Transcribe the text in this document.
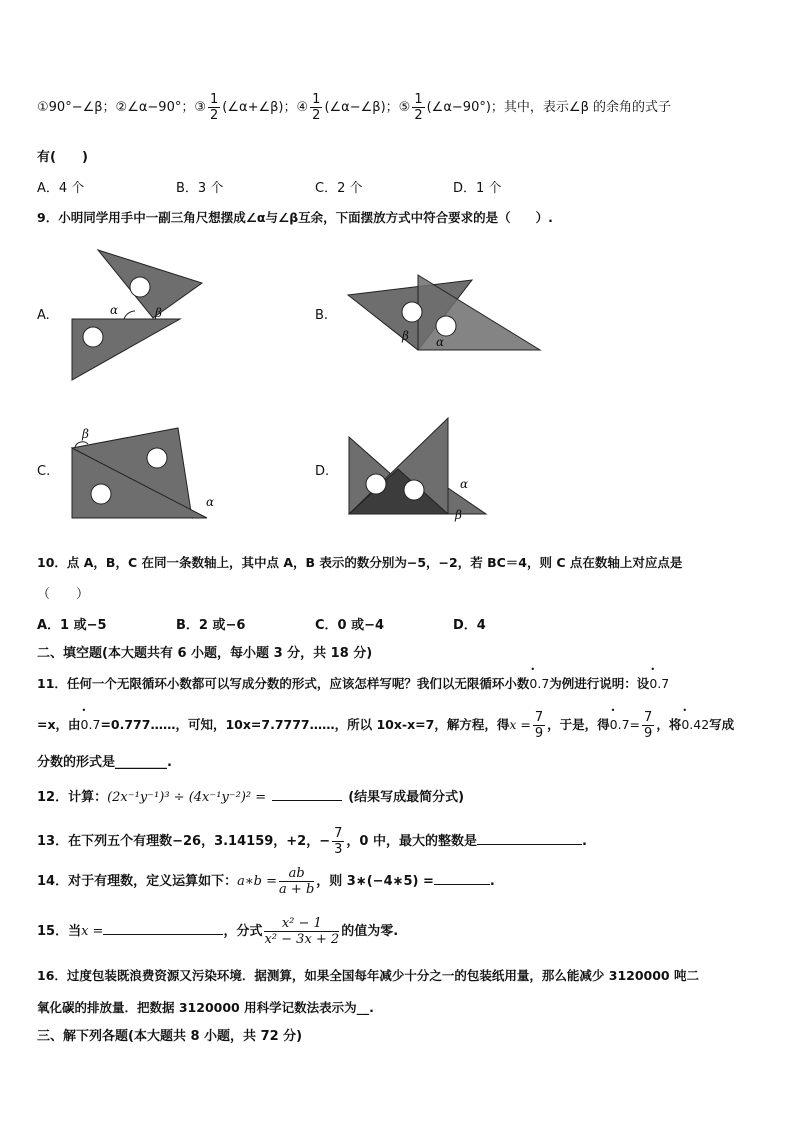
①90°−∠β；②∠α−90°；③ $\frac{1}{2}$ (∠α+∠β)；④ $\frac{1}{2}$ (∠α−∠β)；⑤ $\frac{1}{2}$ (∠α−90°)；其中，表示∠β 的余角的式子
有(　　)
A．4 个	B．3 个	C．2 个	D．1 个
9．小明同学用手中一副三角尺想摆成∠α与∠β互余，下面摆放方式中符合要求的是（　　）.
A.	α	β	B.
β α
C.
β
α
D.
α
β
10．点 A，B，C 在同一条数轴上，其中点 A，B 表示的数分别为−5，−2，若 BC＝4，则 C 点在数轴上对应点是
（　　）
A．1 或−5	B．2 或−6	C．0 或−4	D．4
二、填空题(本大题共有 6 小题，每小题 3 分，共 18 分)
11．任何一个无限循环小数都可以写成分数的形式，应该怎样写呢？我们以无限循环小数• 0.7为例进行说明：设• 0.7
=x，由• 0.7=0.777……，可知，10x=7.7777……，所以 10x-x=7，解方程，得$x = \frac{7}{9}$ ，于是，得• $0.7= \frac{7}{9}$ ，将• 0.42写成
分数的形式是________.
12．计算：(2x⁻¹y⁻¹)³ ÷ (4x⁻¹y⁻²)² =	(结果写成最简分式)
13．在下列五个有理数−26，3.14159，+2，− $\frac{7}{3}$ ，0 中，最大的整数是	.
14．对于有理数，定义运算如下：a∗b = $\frac{ab}{a + b}$ ，则 3∗(−4∗5) =	.
15．当x =	，分式 $\frac{\text{x² − 1}}{\text{x² − 3x + 2}}$ 的值为零.
16．过度包装既浪费资源又污染环境．据测算，如果全国每年减少十分之一的包装纸用量，那么能减少 3120000 吨二
氧化碳的排放量．把数据 3120000 用科学记数法表示为__.
三、解下列各题(本大题共 8 小题，共 72 分)
